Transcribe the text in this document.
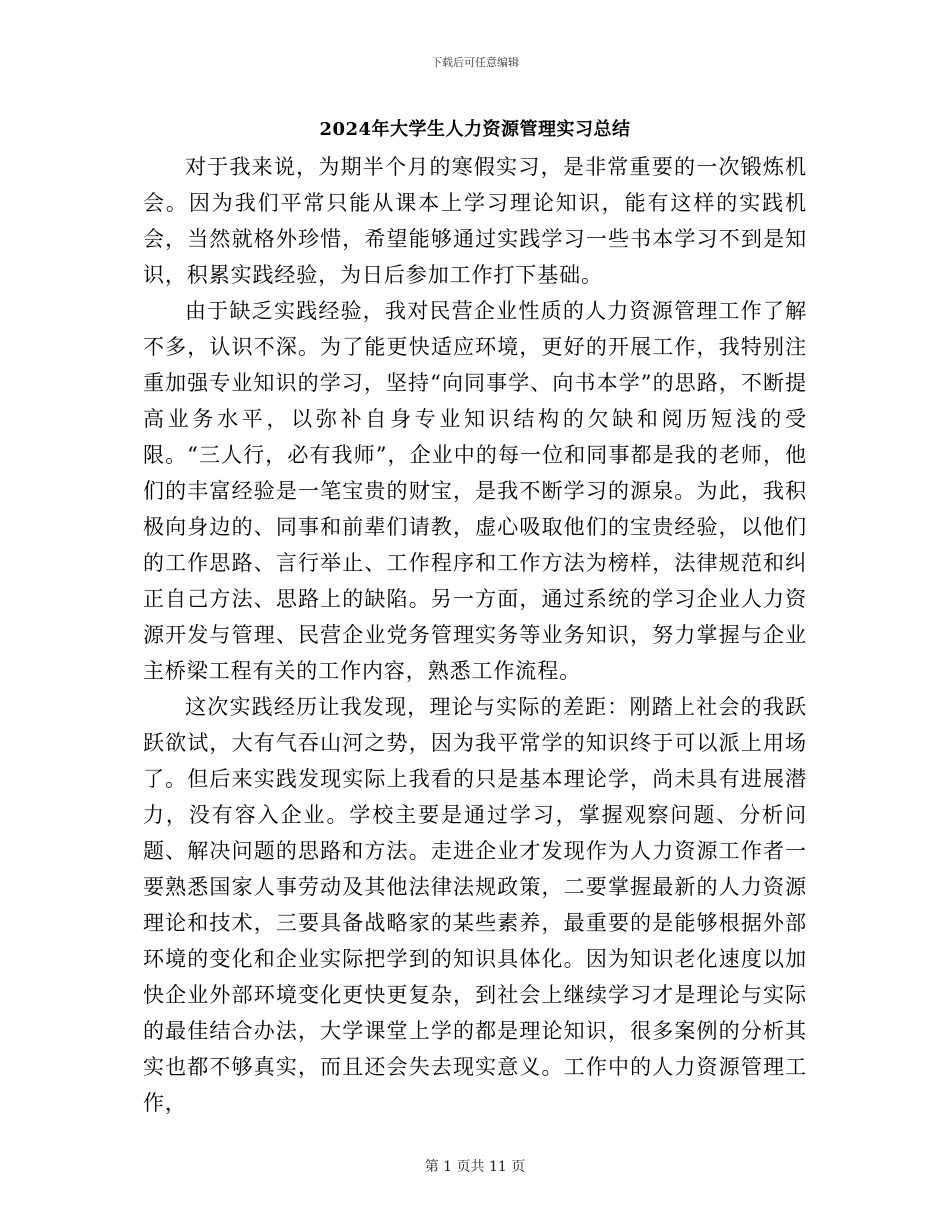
下载后可任意编辑
2024年大学生人力资源管理实习总结

对于我来说，为期半个月的寒假实习，是非常重要的一次锻炼机会。因为我们平常只能从课本上学习理论知识，能有这样的实践机会，当然就格外珍惜，希望能够通过实践学习一些书本学习不到是知识，积累实践经验，为日后参加工作打下基础。

由于缺乏实践经验，我对民营企业性质的人力资源管理工作了解不多，认识不深。为了能更快适应环境，更好的开展工作，我特别注重加强专业知识的学习，坚持“向同事学、向书本学”的思路，不断提高业务水平，以弥补自身专业知识结构的欠缺和阅历短浅的受限。“三人行，必有我师”，企业中的每一位和同事都是我的老师，他们的丰富经验是一笔宝贵的财宝，是我不断学习的源泉。为此，我积极向身边的、同事和前辈们请教，虚心吸取他们的宝贵经验，以他们的工作思路、言行举止、工作程序和工作方法为榜样，法律规范和纠正自己方法、思路上的缺陷。另一方面，通过系统的学习企业人力资源开发与管理、民营企业党务管理实务等业务知识，努力掌握与企业主桥梁工程有关的工作内容，熟悉工作流程。

这次实践经历让我发现，理论与实际的差距：刚踏上社会的我跃跃欲试，大有气吞山河之势，因为我平常学的知识终于可以派上用场了。但后来实践发现实际上我看的只是基本理论学，尚未具有进展潜力，没有容入企业。学校主要是通过学习，掌握观察问题、分析问题、解决问题的思路和方法。走进企业才发现作为人力资源工作者一要熟悉国家人事劳动及其他法律法规政策，二要掌握最新的人力资源理论和技术，三要具备战略家的某些素养，最重要的是能够根据外部环境的变化和企业实际把学到的知识具体化。因为知识老化速度以加快企业外部环境变化更快更复杂，到社会上继续学习才是理论与实际的最佳结合办法，大学课堂上学的都是理论知识，很多案例的分析其实也都不够真实，而且还会失去现实意义。工作中的人力资源管理工作，

第 1 页共 11 页
